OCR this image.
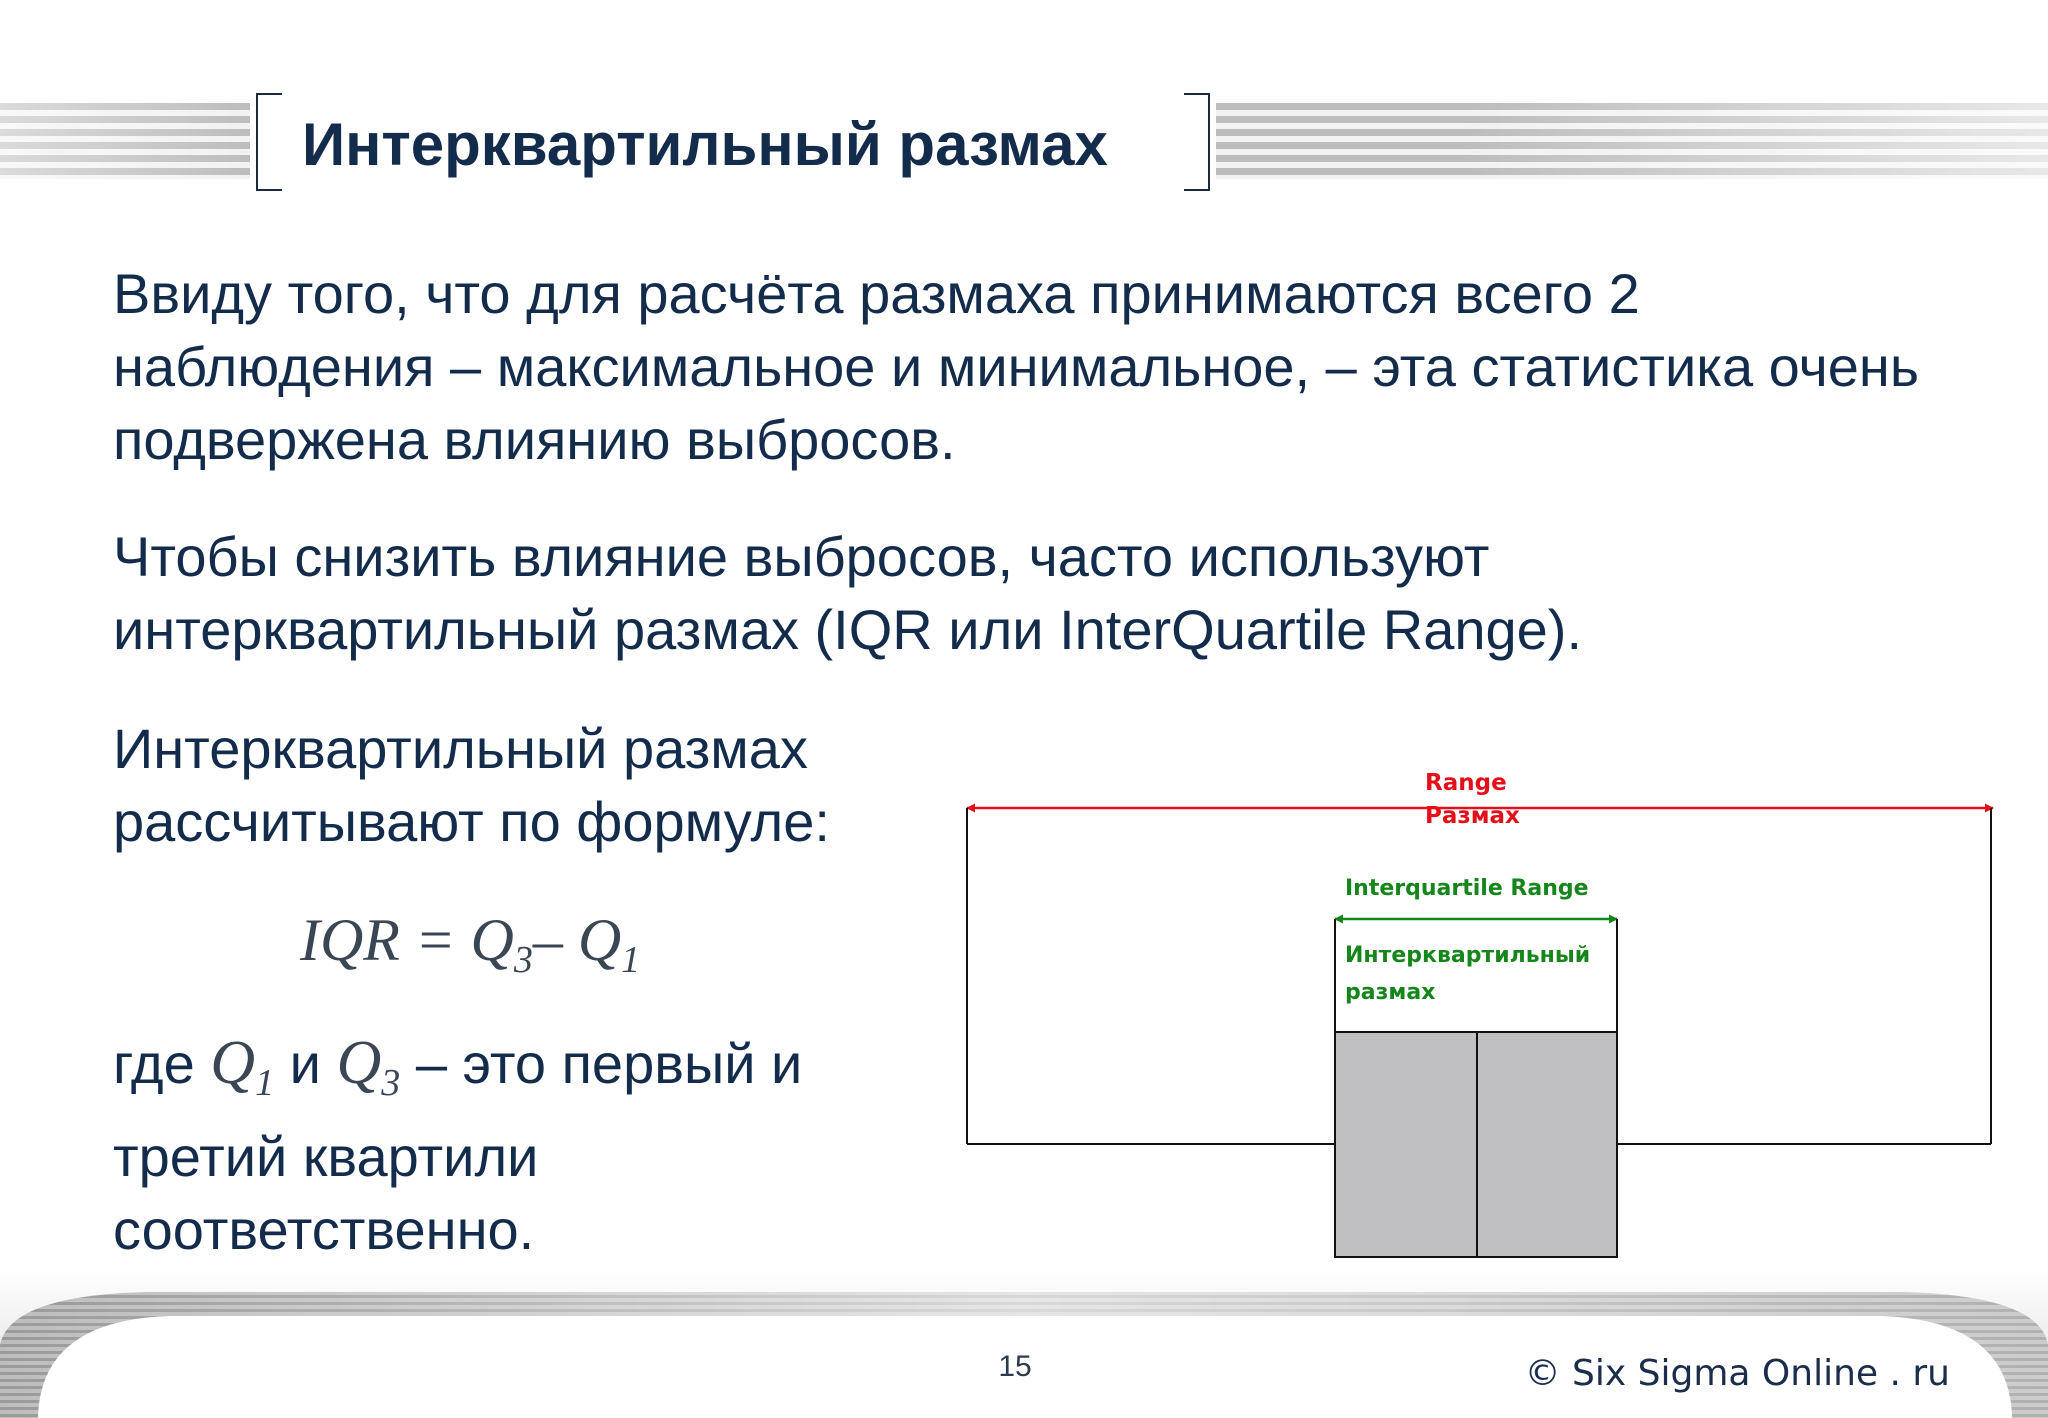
Интерквартильный размах

Ввиду того, что для расчёта размаха принимаются всего 2 наблюдения – максимальное и минимальное, – эта статистика очень подвержена влиянию выбросов.

Чтобы снизить влияние выбросов, часто используют интерквартильный размах (IQR или InterQuartile Range).

Интерквартильный размах рассчитывают по формуле:

IQR = $Q_3-$ $Q_1$

где $Q_1$ и $Q_3$ – это первый и третий квартили соответственно.

Range
Размах
Interquartile Range
Интерквартильный
размах
15	© Six Sigma Online . ru
